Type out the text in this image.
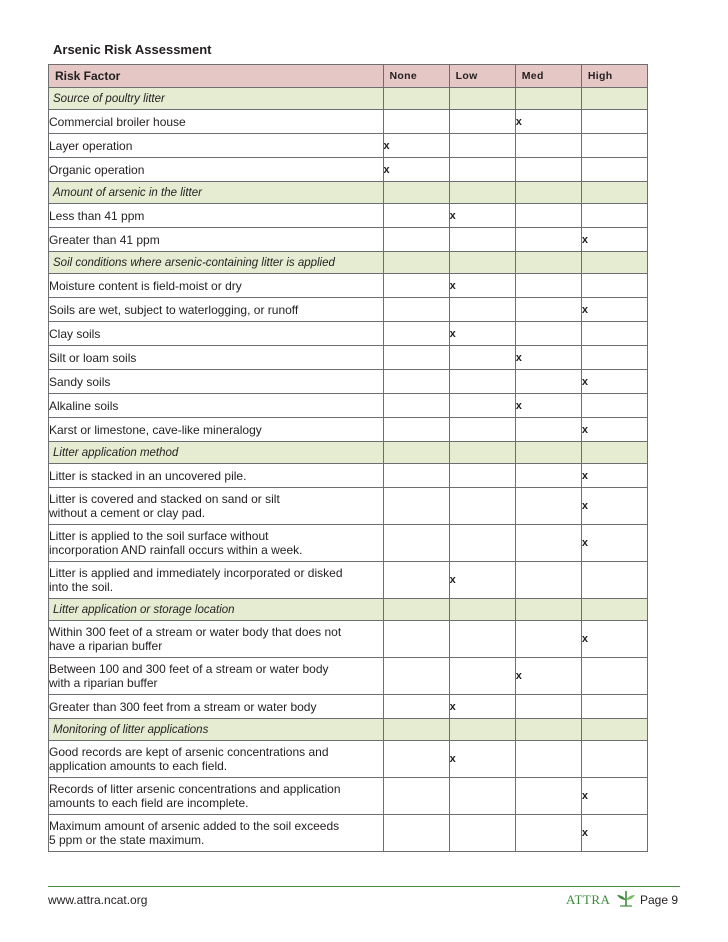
Arsenic Risk Assessment
Risk Factor	None	Low	Med	High
Source of poultry litter				
Commercial broiler house			x	
Layer operation	x			
Organic operation	x			
Amount of arsenic in the litter				
Less than 41 ppm		x		
Greater than 41 ppm				x
Soil conditions where arsenic-containing litter is applied				
Moisture content is field-moist or dry		x		
Soils are wet, subject to waterlogging, or runoff				x
Clay soils		x		
Silt or loam soils			x	
Sandy soils				x
Alkaline soils			x	
Karst or limestone, cave-like mineralogy				x
Litter application method				
Litter is stacked in an uncovered pile.				x
Litter is covered and stacked on sand or silt
without a cement or clay pad.				x
Litter is applied to the soil surface without
incorporation AND rainfall occurs within a week.				x
Litter is applied and immediately incorporated or disked
into the soil.		x		
Litter application or storage location				
Within 300 feet of a stream or water body that does not
have a riparian buffer				x
Between 100 and 300 feet of a stream or water body
with a riparian buffer			x	
Greater than 300 feet from a stream or water body		x		
Monitoring of litter applications				
Good records are kept of arsenic concentrations and
application amounts to each field.		x		
Records of litter arsenic concentrations and application
amounts to each field are incomplete.				x
Maximum amount of arsenic added to the soil exceeds
5 ppm or the state maximum.				x
www.attra.ncat.org	ATTRA Page 9
